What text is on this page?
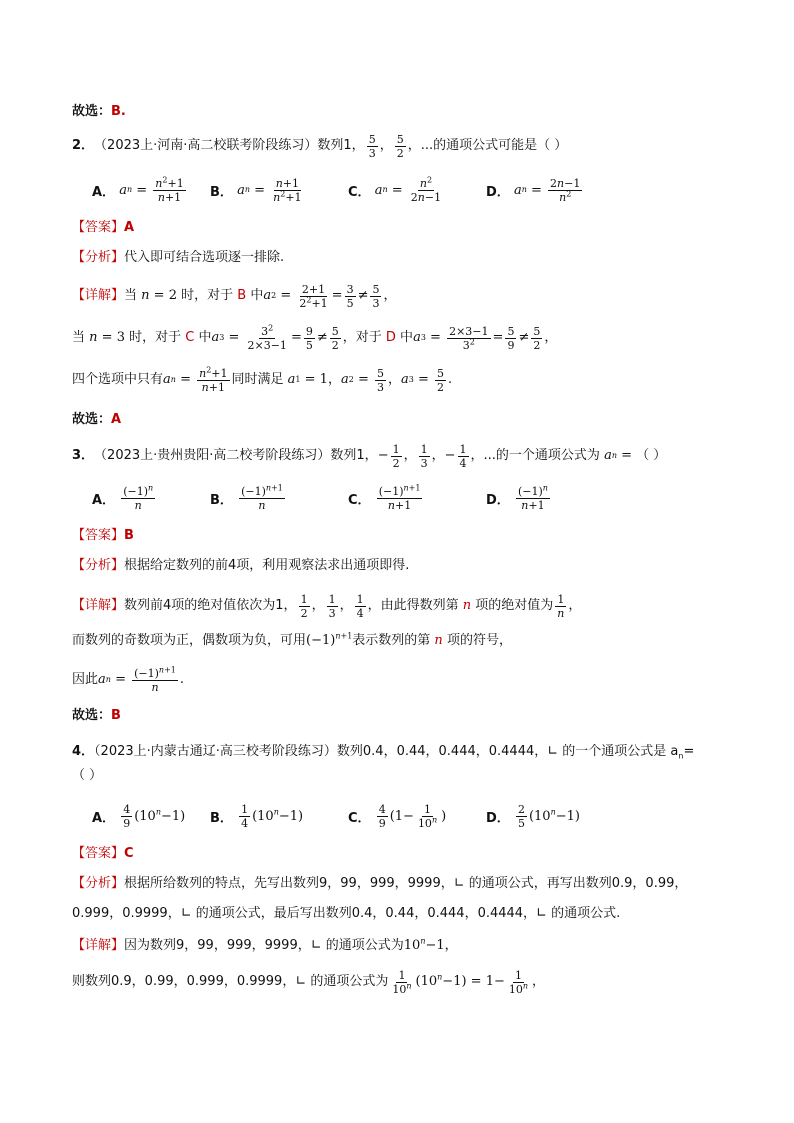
故选：B.
2． （2023上·河南·高二校联考阶段练习） 数列1， $\frac{5}{3}$ ， $\frac{5}{2}$ ，...的通项公式可能是（ ）
A．
a $n = \frac{n^2+1}{n+1}$ B．
a $n = \frac{n+1}{n^2+1}$	C．
a $n = \frac{n^2}{2n-1}$	D．
a $n = \frac{2n-1}{n^2}$
【答案】A
【分析】代入即可结合选项逐一排除.
【详解】 当 n = 2 时，对于 B 中 a $2 = \frac{2+1}{2^2+1} = \frac{3}{5} \ne \frac{5}{3}$ ，
当 n = 3 时，对于 C 中 a $3 = \frac{3^2}{2\times 3-1} = \frac{9}{5} \ne \frac{5}{2}$ ，对于 D 中 a $3 = \frac{2\times 3-1}{3^2} = \frac{5}{9} \ne \frac{5}{2}$ ，
四个选项中只有 a $n = \frac{n^2+1}{n+1}$ 同时满足 a 1 = 1 ， a $2 = \frac{5}{3}$ ， a $3 = \frac{5}{2}$ .
故选：A
3． （2023上·贵州贵阳·高二校考阶段练习） 数列1， − $\frac{1}{2}$ ， $\frac{1}{3}$ ， − $\frac{1}{4}$ ，...的一个通项公式为 a n = （ ）
A．
$\frac{(-1)^n}{n}$	B．
$\frac{(-1)^{n+1}}{n}$	C．
$\frac{(-1)^{n+1}}{n+1}$	D．
$\frac{(-1)^n}{n+1}$
【答案】B
【分析】根据给定数列的前4项，利用观察法求出通项即得.
【详解】 数列前4项的绝对值依次为1， $\frac{1}{2}$ ， $\frac{1}{3}$ ， $\frac{1}{4}$ ，由此得数列第 n 项的绝对值为 $\frac{1}{n}$ ，
而数列的奇数项为正，偶数项为负，可用 $(-1)^{n+1}$ 表示数列的第 n 项的符号，
因此 a $n = \frac{(-1)^{n+1}}{n}$ .
故选：B
4．（2023上·内蒙古通辽·高三校考阶段练习）数列0.4，0.44，0.444，0.4444，∟ 的一个通项公式是 $a_n=$
（ ）
A．
$\frac{4}{9} (10^n-1)$ B．
$\frac{1}{4} (10^n-1)$	C．
$\frac{4}{9} (1- \frac{1}{10^n}$ )	D．
$\frac{2}{5} (10^n-1)$
【答案】C
【分析】根据所给数列的特点，先写出数列9，99，999，9999，∟ 的通项公式，再写出数列0.9，0.99，
0.999，0.9999，∟ 的通项公式，最后写出数列0.4，0.44，0.444，0.4444，∟ 的通项公式.
【详解】因为数列9，99，999，9999，∟ 的通项公式为$10^n-1$，
则数列0.9，0.99，0.999，0.9999，∟ 的通项公式为 $\frac{1}{10^n} (10^n-1) = 1- \frac{1}{10^n}$ ，
